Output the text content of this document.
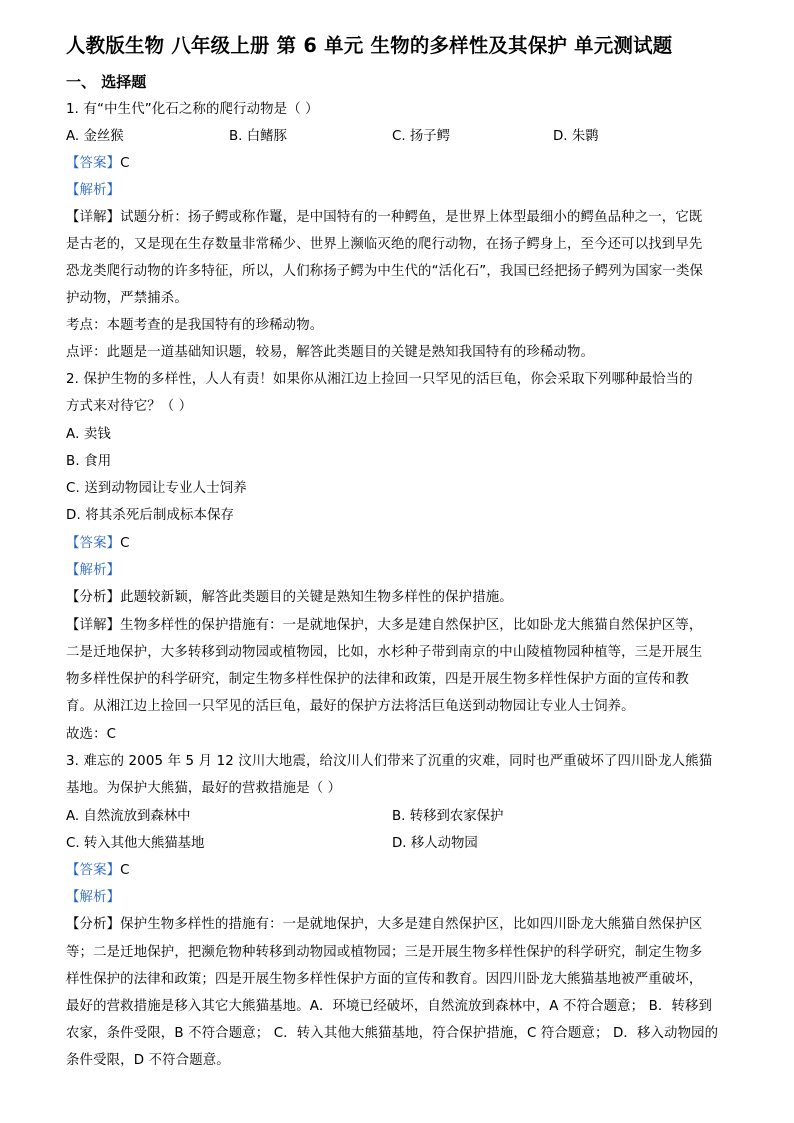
人教版生物 八年级上册 第 6 单元 生物的多样性及其保护 单元测试题
一、 选择题
1. 有“中生代”化石之称的爬行动物是（ ）
A. 金丝猴	B. 白鳍豚	C. 扬子鳄	D. 朱鹮
【答案】C
【解析】
【详解】试题分析：扬子鳄或称作鼍，是中国特有的一种鳄鱼，是世界上体型最细小的鳄鱼品种之一，它既
是古老的，又是现在生存数量非常稀少、世界上濒临灭绝的爬行动物，在扬子鳄身上，至今还可以找到早先
恐龙类爬行动物的许多特征，所以，人们称扬子鳄为中生代的“活化石”，我国已经把扬子鳄列为国家一类保
护动物，严禁捕杀。
考点：本题考查的是我国特有的珍稀动物。
点评：此题是一道基础知识题，较易，解答此类题目的关键是熟知我国特有的珍稀动物。
2. 保护生物的多样性，人人有责！如果你从湘江边上捡回一只罕见的活巨龟，你会采取下列哪种最恰当的
方式来对待它？（ ）
A. 卖钱
B. 食用
C. 送到动物园让专业人士饲养
D. 将其杀死后制成标本保存
【答案】C
【解析】
【分析】此题较新颖，解答此类题目的关键是熟知生物多样性的保护措施。
【详解】生物多样性的保护措施有：一是就地保护，大多是建自然保护区，比如卧龙大熊猫自然保护区等，
二是迁地保护，大多转移到动物园或植物园，比如，水杉种子带到南京的中山陵植物园种植等，三是开展生
物多样性保护的科学研究，制定生物多样性保护的法律和政策，四是开展生物多样性保护方面的宣传和教
育。从湘江边上捡回一只罕见的活巨龟，最好的保护方法将活巨龟送到动物园让专业人士饲养。
故选：C
3. 难忘的 2005 年 5 月 12 汶川大地震，给汶川人们带来了沉重的灾难，同时也严重破坏了四川卧龙人熊猫
基地。为保护大熊猫，最好的营救措施是（ ）
A. 自然流放到森林中	B. 转移到农家保护
C. 转入其他大熊猫基地	D. 移人动物园
【答案】C
【解析】
【分析】保护生物多样性的措施有：一是就地保护，大多是建自然保护区，比如四川卧龙大熊猫自然保护区
等；二是迁地保护，把濒危物种转移到动物园或植物园；三是开展生物多样性保护的科学研究，制定生物多
样性保护的法律和政策；四是开展生物多样性保护方面的宣传和教育。因四川卧龙大熊猫基地被严重破坏，
最好的营救措施是移入其它大熊猫基地。A．环境已经破坏，自然流放到森林中，A 不符合题意； B．转移到
农家，条件受限，B 不符合题意； C．转入其他大熊猫基地，符合保护措施，C 符合题意； D．移入动物园的
条件受限，D 不符合题意。
